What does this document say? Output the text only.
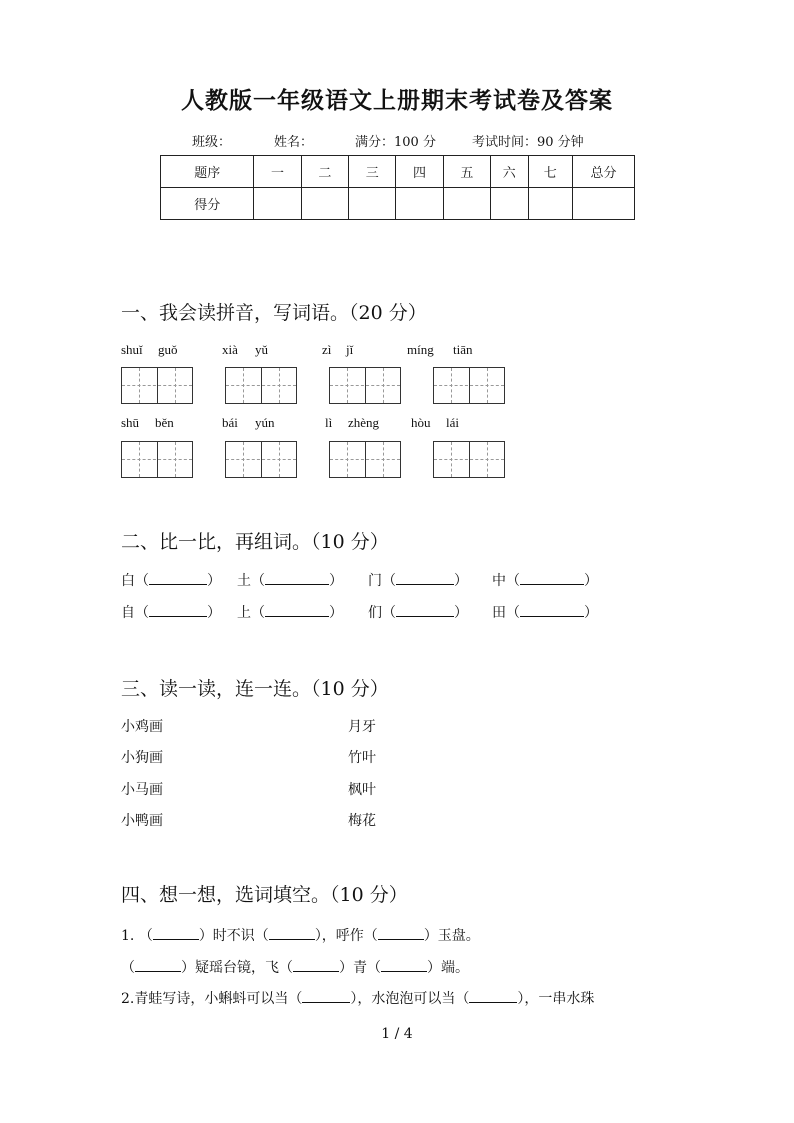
人教版一年级语文上册期末考试卷及答案
班级：	姓名：	满分：100 分	考试时间：90 分钟
题序	一	二	三	四	五	六	七	总分
得分								
一、我会读拼音，写词语。（20 分）
shuǐ guǒ	xià yǔ	zì jǐ	míng tiān
shū běn	bái yún	lì zhèng hòu lái
二、比一比，再组词。（10 分）
白（	） 土（	） 门（	） 中（	）
自（	） 上（	） 们（	） 田（	）
三、读一读，连一连。（10 分）
小鸡画
小狗画
小马画
小鸭画
月牙
竹叶
枫叶
梅花
四、想一想，选词填空。（10 分）
1. （	）时不识（	），呼作（	）玉盘。
（	）疑瑶台镜，飞（	）青（	）端。
2.青蛙写诗，小蝌蚪可以当（	），水泡泡可以当（	），一串水珠
1 / 4
